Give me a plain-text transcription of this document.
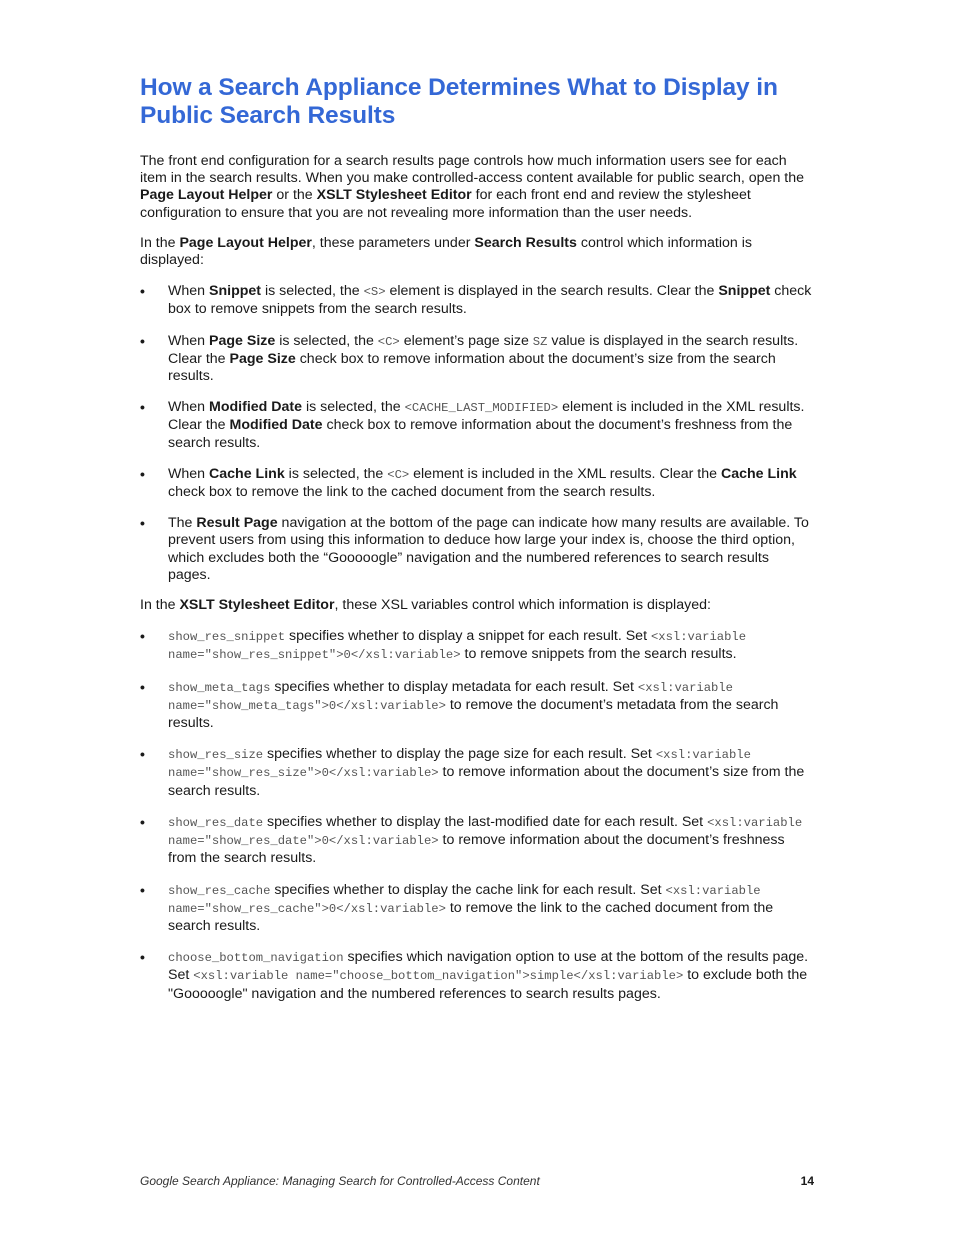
How a Search Appliance Determines What to Display in Public Search Results

The front end configuration for a search results page controls how much information users see for each item in the search results. When you make controlled-access content available for public search, open the Page Layout Helper or the XSLT Stylesheet Editor for each front end and review the stylesheet configuration to ensure that you are not revealing more information than the user needs.

In the Page Layout Helper, these parameters under Search Results control which information is displayed:

• When Snippet is selected, the <S> element is displayed in the search results. Clear the Snippet check box to remove snippets from the search results.
• When Page Size is selected, the <C> element’s page size SZ value is displayed in the search results. Clear the Page Size check box to remove information about the document’s size from the search results.
• When Modified Date is selected, the <CACHE_LAST_MODIFIED> element is included in the XML results. Clear the Modified Date check box to remove information about the document’s freshness from the search results.
• When Cache Link is selected, the <C> element is included in the XML results. Clear the Cache Link check box to remove the link to the cached document from the search results.
• The Result Page navigation at the bottom of the page can indicate how many results are available. To prevent users from using this information to deduce how large your index is, choose the third option, which excludes both the “Gooooogle” navigation and the numbered references to search results pages.

In the XSLT Stylesheet Editor, these XSL variables control which information is displayed:

• show_res_snippet specifies whether to display a snippet for each result. Set <xsl:variable name="show_res_snippet">0</xsl:variable> to remove snippets from the search results.
• show_meta_tags specifies whether to display metadata for each result. Set <xsl:variable name="show_meta_tags">0</xsl:variable> to remove the document’s metadata from the search results.
• show_res_size specifies whether to display the page size for each result. Set <xsl:variable name="show_res_size">0</xsl:variable> to remove information about the document’s size from the search results.
• show_res_date specifies whether to display the last-modified date for each result. Set <xsl:variable name="show_res_date">0</xsl:variable> to remove information about the document’s freshness from the search results.
• show_res_cache specifies whether to display the cache link for each result. Set <xsl:variable name="show_res_cache">0</xsl:variable> to remove the link to the cached document from the search results.
• choose_bottom_navigation specifies which navigation option to use at the bottom of the results page. Set <xsl:variable name="choose_bottom_navigation">simple</xsl:variable> to exclude both the "Gooooogle" navigation and the numbered references to search results pages.
Google Search Appliance: Managing Search for Controlled-Access Content	14
